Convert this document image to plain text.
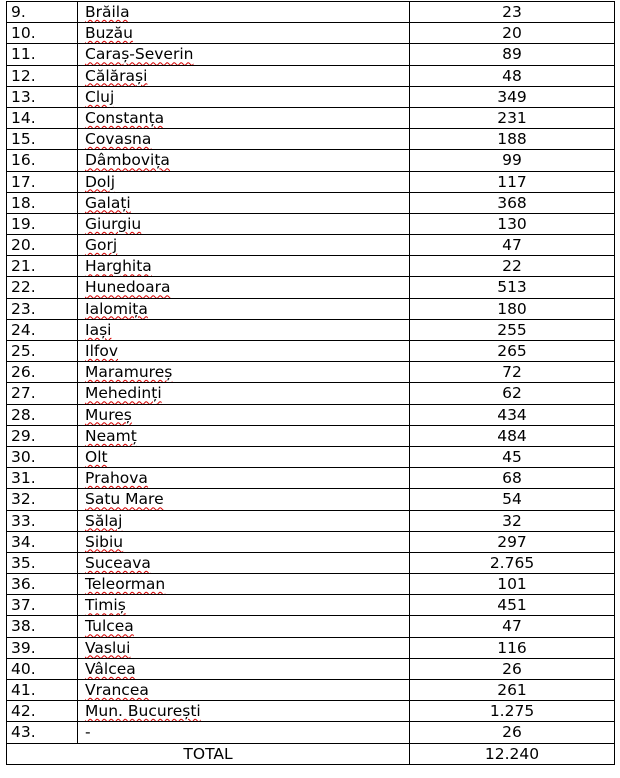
9.	Brăila	23
10.	Buzău	20
11.	Caraș-Severin	89
12.	Călărași	48
13.	Cluj	349
14.	Constanța	231
15.	Covasna	188
16.	Dâmbovița	99
17.	Dolj	117
18.	Galați	368
19.	Giurgiu	130
20.	Gorj	47
21.	Harghita	22
22.	Hunedoara	513
23.	Ialomița	180
24.	Iași	255
25.	Ilfov	265
26.	Maramureș	72
27.	Mehedinți	62
28.	Mureș	434
29.	Neamț	484
30.	Olt	45
31.	Prahova	68
32.	Satu Mare	54
33.	Sălaj	32
34.	Sibiu	297
35.	Suceava	2.765
36.	Teleorman	101
37.	Timiș	451
38.	Tulcea	47
39.	Vaslui	116
40.	Vâlcea	26
41.	Vrancea	261
42.	Mun. București	1.275
43.	-	26
TOTAL		12.240
